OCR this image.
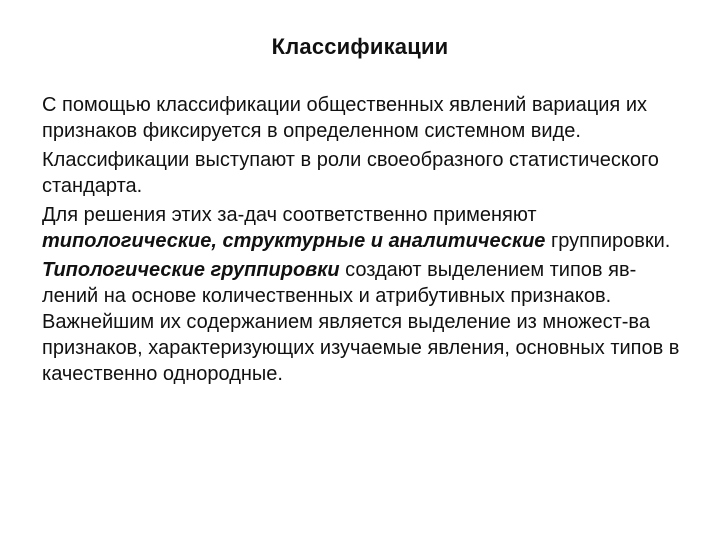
Классификации

С помощью классификации общественных явлений вариация их признаков фиксируется в определенном системном виде.

Классификации выступают в роли своеобразного статистического стандарта.

Для решения этих за-дач соответственно применяют типологические, структурные и аналитические группировки.

Типологические группировки создают выделением типов яв-лений на основе количественных и атрибутивных признаков. Важнейшим их содержанием является выделение из множест-ва признаков, характеризующих изучаемые явления, основных типов в качественно однородные.
